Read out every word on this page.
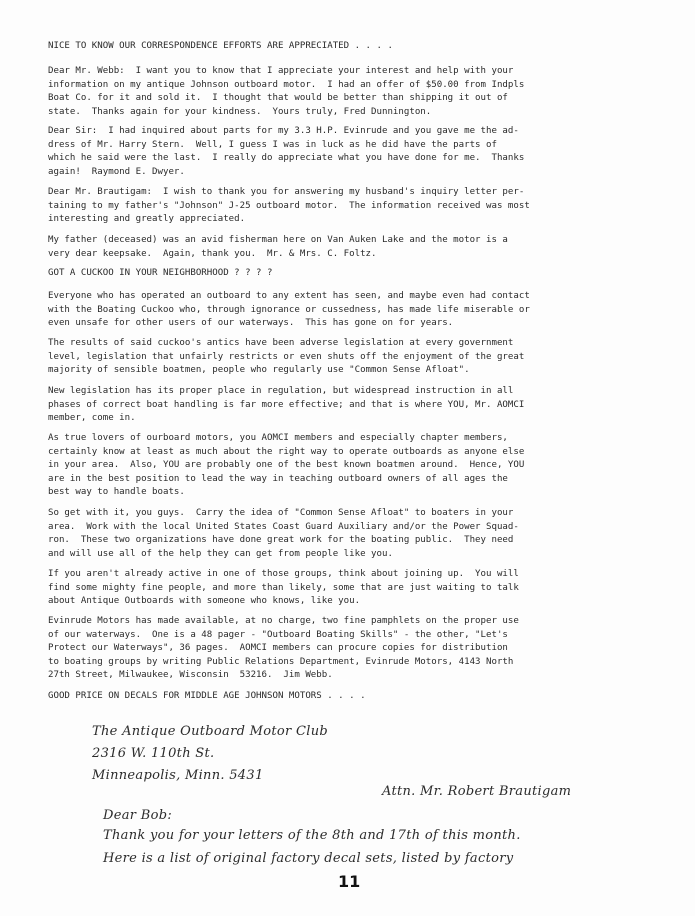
NICE TO KNOW OUR CORRESPONDENCE EFFORTS ARE APPRECIATED . . . .

Dear Mr. Webb:  I want you to know that I appreciate your interest and help with your

information on my antique Johnson outboard motor.  I had an offer of $50.00 from Indpls

Boat Co. for it and sold it.  I thought that would be better than shipping it out of

state.  Thanks again for your kindness.  Yours truly, Fred Dunnington.

Dear Sir:  I had inquired about parts for my 3.3 H.P. Evinrude and you gave me the ad-

dress of Mr. Harry Stern.  Well, I guess I was in luck as he did have the parts of

which he said were the last.  I really do appreciate what you have done for me.  Thanks

again!  Raymond E. Dwyer.

Dear Mr. Brautigam:  I wish to thank you for answering my husband's inquiry letter per-

taining to my father's "Johnson" J-25 outboard motor.  The information received was most

interesting and greatly appreciated.

My father (deceased) was an avid fisherman here on Van Auken Lake and the motor is a

very dear keepsake.  Again, thank you.  Mr. & Mrs. C. Foltz.

GOT A CUCKOO IN YOUR NEIGHBORHOOD ? ? ? ?

Everyone who has operated an outboard to any extent has seen, and maybe even had contact

with the Boating Cuckoo who, through ignorance or cussedness, has made life miserable or

even unsafe for other users of our waterways.  This has gone on for years.

The results of said cuckoo's antics have been adverse legislation at every government

level, legislation that unfairly restricts or even shuts off the enjoyment of the great

majority of sensible boatmen, people who regularly use "Common Sense Afloat".

New legislation has its proper place in regulation, but widespread instruction in all

phases of correct boat handling is far more effective; and that is where YOU, Mr. AOMCI

member, come in.

As true lovers of ourboard motors, you AOMCI members and especially chapter members,

certainly know at least as much about the right way to operate outboards as anyone else

in your area.  Also, YOU are probably one of the best known boatmen around.  Hence, YOU

are in the best position to lead the way in teaching outboard owners of all ages the

best way to handle boats.

So get with it, you guys.  Carry the idea of "Common Sense Afloat" to boaters in your

area.  Work with the local United States Coast Guard Auxiliary and/or the Power Squad-

ron.  These two organizations have done great work for the boating public.  They need

and will use all of the help they can get from people like you.

If you aren't already active in one of those groups, think about joining up.  You will

find some mighty fine people, and more than likely, some that are just waiting to talk

about Antique Outboards with someone who knows, like you.

Evinrude Motors has made available, at no charge, two fine pamphlets on the proper use

of our waterways.  One is a 48 pager - "Outboard Boating Skills" - the other, "Let's

Protect our Waterways", 36 pages.  AOMCI members can procure copies for distribution

to boating groups by writing Public Relations Department, Evinrude Motors, 4143 North

27th Street, Milwaukee, Wisconsin  53216.  Jim Webb.

GOOD PRICE ON DECALS FOR MIDDLE AGE JOHNSON MOTORS . . . .

The Antique Outboard Motor Club
2316 W. 110th St.
Minneapolis, Minn. 5431
Attn. Mr. Robert Brautigam
Dear Bob:
Thank you for your letters of the 8th and 17th of this month.
Here is a list of original factory decal sets, listed by factory
11
